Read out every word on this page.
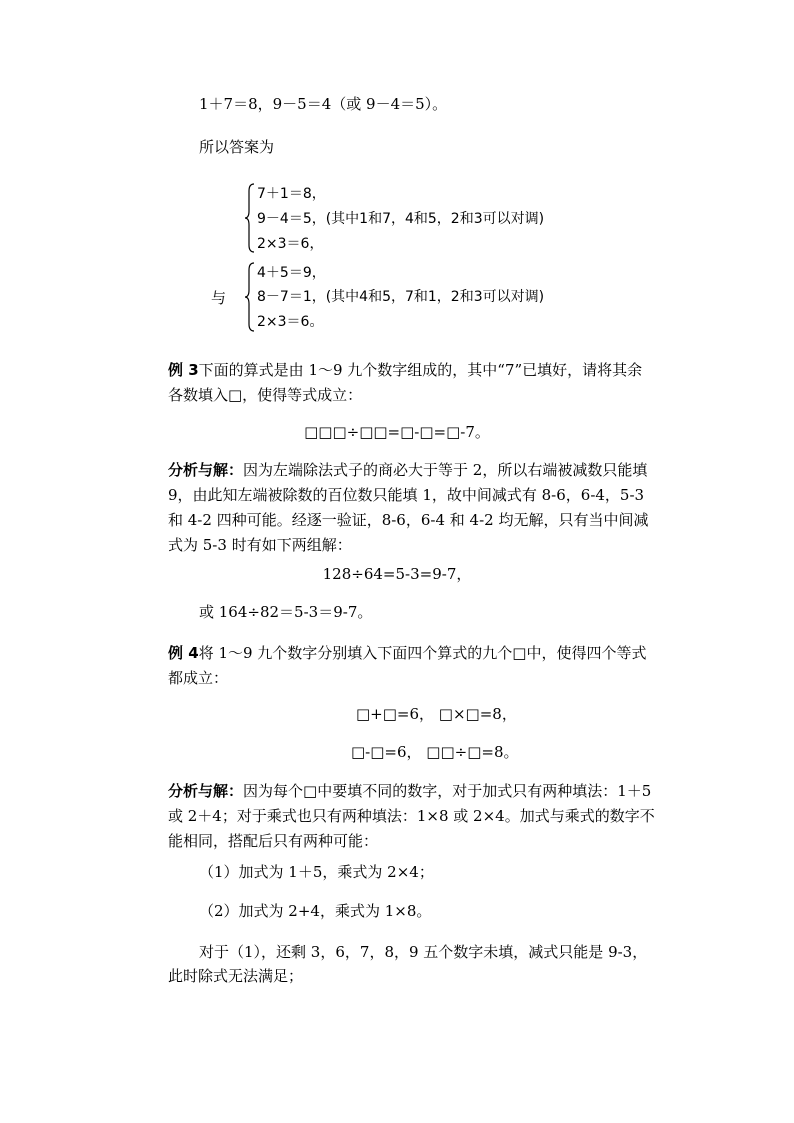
1＋7＝8，9－5＝4（或 9－4＝5）。
所以答案为
7＋1＝8，
9－4＝5，(其中1和7，4和5，2和3可以对调)
2×3＝6，
与
4＋5＝9，
8－7＝1，(其中4和5，7和1，2和3可以对调)
2×3＝6。
例 3下面的算式是由 1～9 九个数字组成的，其中“7”已填好，请将其余
各数填入□，使得等式成立：
□□□÷□□=□-□=□-7。
分析与解：因为左端除法式子的商必大于等于 2，所以右端被减数只能填
9，由此知左端被除数的百位数只能填 1，故中间减式有 8-6，6-4，5-3
和 4-2 四种可能。经逐一验证，8-6，6-4 和 4-2 均无解，只有当中间减
式为 5-3 时有如下两组解：
128÷64=5-3=9-7，
或 164÷82＝5-3＝9-7。
例 4将 1～9 九个数字分别填入下面四个算式的九个□中，使得四个等式
都成立：
□+□=6， □×□=8，
□-□=6， □□÷□=8。
分析与解：因为每个□中要填不同的数字，对于加式只有两种填法：1＋5
或 2＋4；对于乘式也只有两种填法：1×8 或 2×4。加式与乘式的数字不
能相同，搭配后只有两种可能：
（1）加式为 1＋5，乘式为 2×4；
（2）加式为 2+4，乘式为 1×8。
对于（1），还剩 3，6，7，8，9 五个数字未填，减式只能是 9-3，
此时除式无法满足；
